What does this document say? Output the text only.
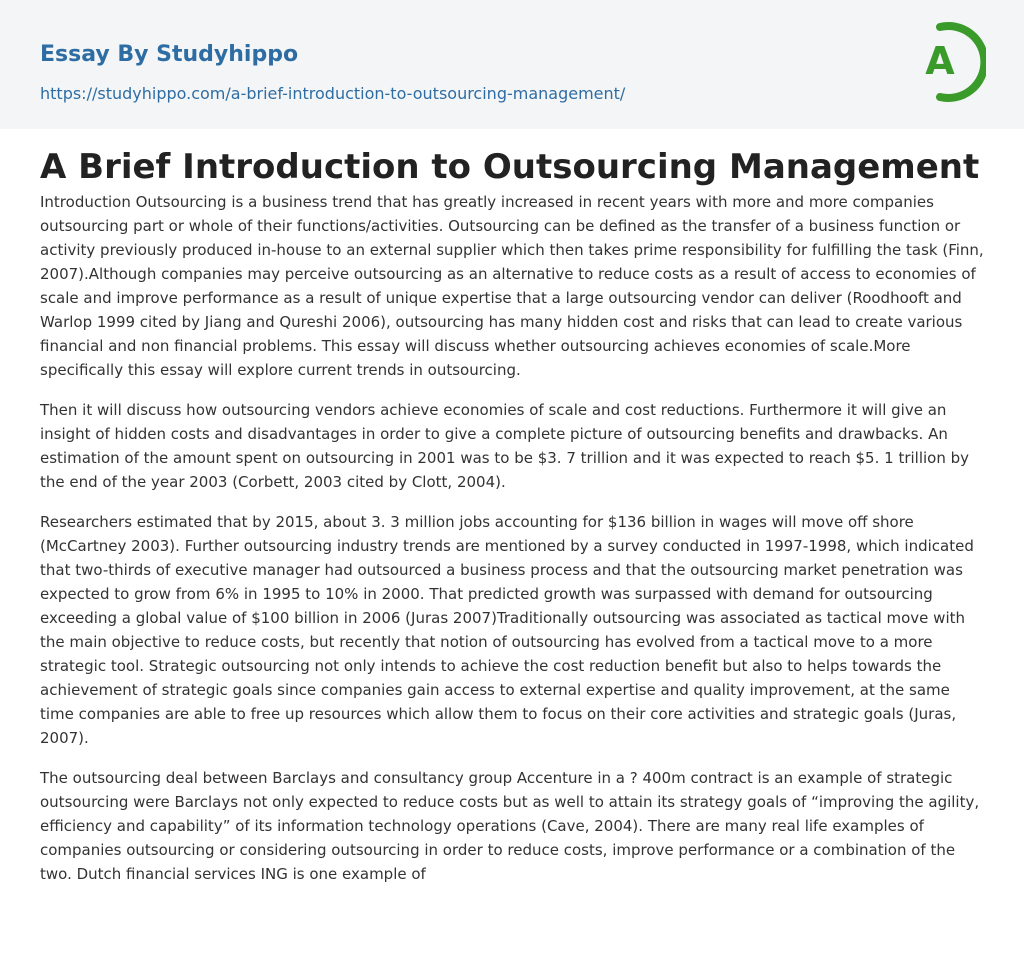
Essay By Studyhippo
https://studyhippo.com/a-brief-introduction-to-outsourcing-management/
A
A Brief Introduction to Outsourcing Management

Introduction Outsourcing is a business trend that has greatly increased in recent years with more and more companies outsourcing part or whole of their functions/activities. Outsourcing can be defined as the transfer of a business function or activity previously produced in-house to an external supplier which then takes prime responsibility for fulfilling the task (Finn, 2007).Although companies may perceive outsourcing as an alternative to reduce costs as a result of access to economies of scale and improve performance as a result of unique expertise that a large outsourcing vendor can deliver (Roodhooft and Warlop 1999 cited by Jiang and Qureshi 2006), outsourcing has many hidden cost and risks that can lead to create various financial and non financial problems. This essay will discuss whether outsourcing achieves economies of scale.More specifically this essay will explore current trends in outsourcing.

Then it will discuss how outsourcing vendors achieve economies of scale and cost reductions. Furthermore it will give an insight of hidden costs and disadvantages in order to give a complete picture of outsourcing benefits and drawbacks. An estimation of the amount spent on outsourcing in 2001 was to be $3. 7 trillion and it was expected to reach $5. 1 trillion by the end of the year 2003 (Corbett, 2003 cited by Clott, 2004).

Researchers estimated that by 2015, about 3. 3 million jobs accounting for $136 billion in wages will move off shore (McCartney 2003). Further outsourcing industry trends are mentioned by a survey conducted in 1997-1998, which indicated that two-thirds of executive manager had outsourced a business process and that the outsourcing market penetration was expected to grow from 6% in 1995 to 10% in 2000. That predicted growth was surpassed with demand for outsourcing exceeding a global value of $100 billion in 2006 (Juras 2007)Traditionally outsourcing was associated as tactical move with the main objective to reduce costs, but recently that notion of outsourcing has evolved from a tactical move to a more strategic tool. Strategic outsourcing not only intends to achieve the cost reduction benefit but also to helps towards the achievement of strategic goals since companies gain access to external expertise and quality improvement, at the same time companies are able to free up resources which allow them to focus on their core activities and strategic goals (Juras, 2007).

The outsourcing deal between Barclays and consultancy group Accenture in a ? 400m contract is an example of strategic outsourcing were Barclays not only expected to reduce costs but as well to attain its strategy goals of “improving the agility, efficiency and capability” of its information technology operations (Cave, 2004). There are many real life examples of companies outsourcing or considering outsourcing in order to reduce costs, improve performance or a combination of the two. Dutch financial services ING is one example of
